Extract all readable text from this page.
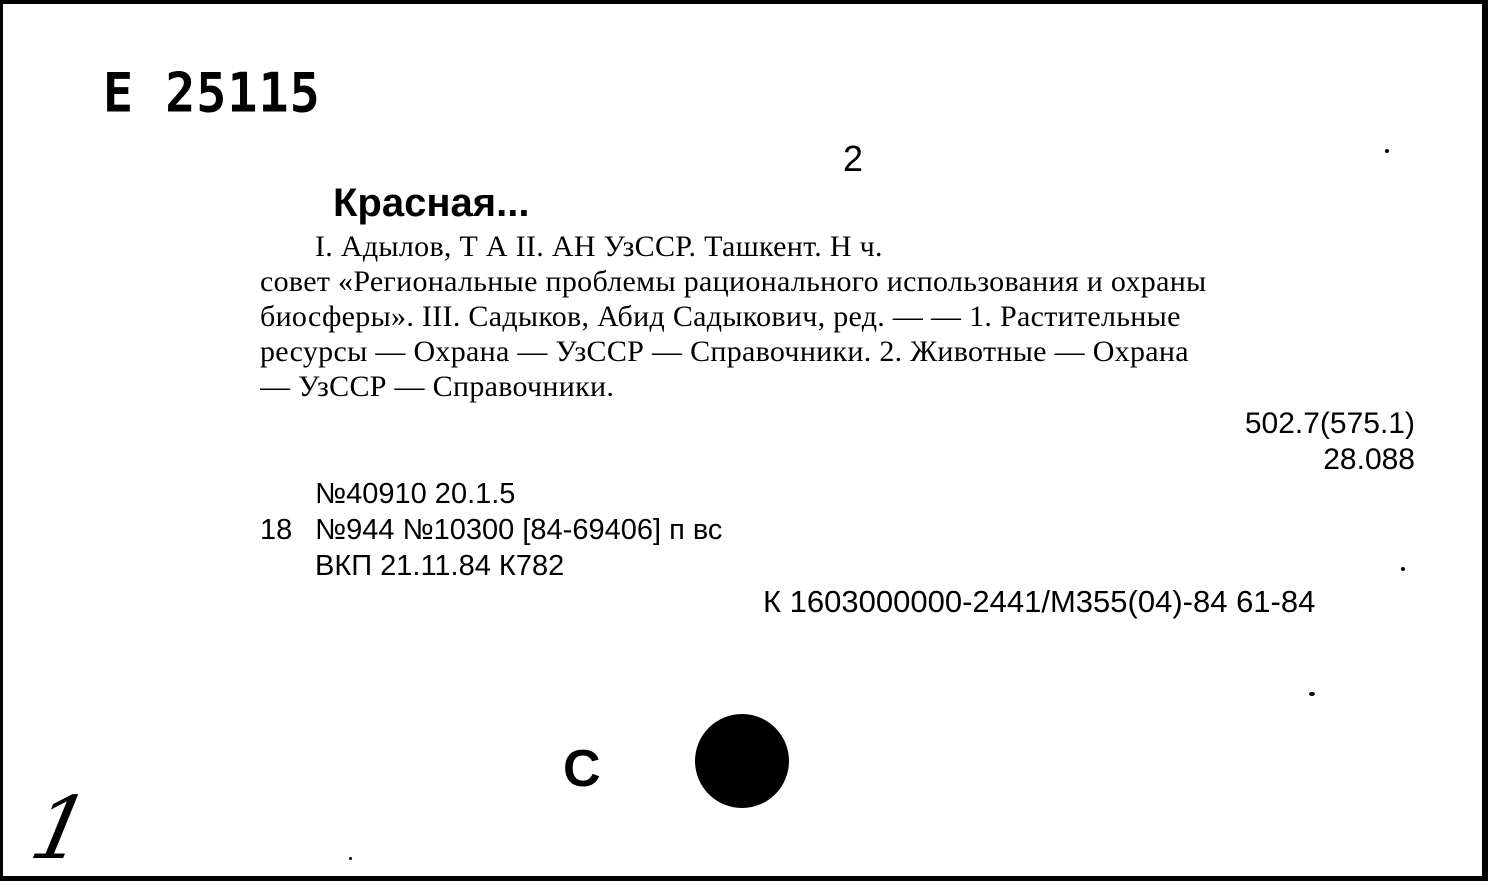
Е 25115
2
Красная...
I. Адылов, Т А II. АН УзССР. Ташкент. Н ч.
совет «Региональные проблемы рационального использования и охраны
биосферы». III. Садыков, Абид Садыкович, ред. — — 1. Растительные
ресурсы — Охрана — УзССР — Справочники. 2. Животные — Охрана
— УзССР — Справочники.
502.7(575.1)
28.088
№40910 20.1.5
18 №944 №10300 [84-69406] п вс
ВКП 21.11.84 К782
К 1603000000-2441/М355(04)-84 61-84
С
1
